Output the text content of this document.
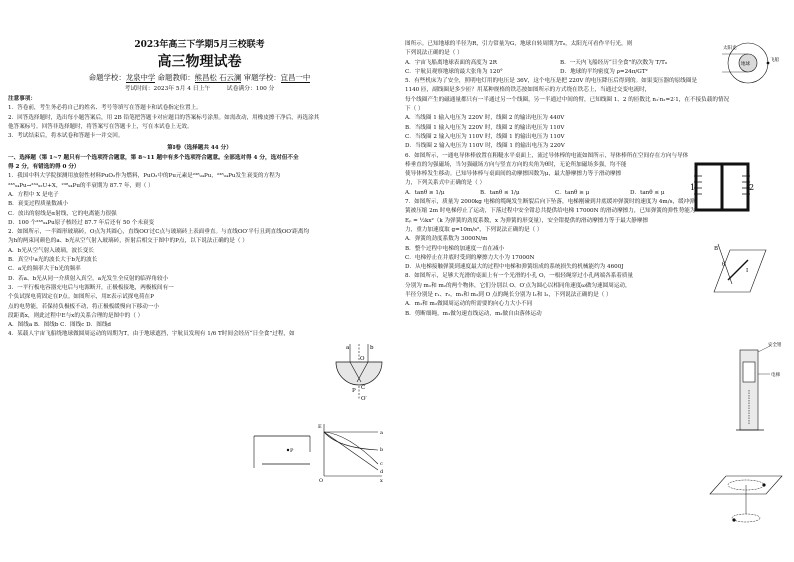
2023年高三下学期5月三校联考
高三物理试卷
命题学校：龙泉中学 命题教师：熊昌松 石云澜 审题学校：宜昌一中
考试时间：2023年 5月 4 日上午	试卷满分：100 分
注意事项：
1．答卷前，考生务必将自己的姓名、考号等填写在答题卡和试卷指定位置上。
2．回答选择题时，选出每小题答案后，用 2B 铅笔把答题卡对应题目的答案标号涂黑。如需改动，用橡皮擦干净后，再选涂其
他答案标号。回答非选择题时，将答案写在答题卡上，写在本试卷上无效。
3．考试结束后，将本试卷和答题卡一并交回。
第Ⅰ卷（选择题共 44 分）
一、选择题（第 1~7 题只有一个选项符合题意，第 8~11 题中有多个选项符合题意。全部选对得 4 分，选对但不全
得 2 分，有错选的得 0 分）
1．我国中科大学院探测用放射性材料PuO₂作为燃料，PuO₂中的Pu元素是²³⁸₉₄Pu，²³⁸₉₄Pu发生衰变的方程为
²³⁸₉₄Pu→²³⁴₉₂U+X，²³⁸₉₄Pu的半衰期为 87.7 年，则（ ）
A．方程中 X 是电子
B．衰变过程质量数减小
C．放出的射线是α射线，它的电离能力很强
D．100 个²³⁸₉₄Pu原子核经过 87.7 年后还有 50 个未衰变
2．如图所示，一半圆形玻璃砖，O点为其圆心，直线OO′过C点与玻璃砖上表面垂直。与直线OO′平行且到直线OO′距离均
为h的两束同颜色的a、b光从空气射入玻璃砖，折射后相交于图中的P点，以下说法正确的是（ ）
A．b光从空气射入玻璃，波长变长
B．真空中a光的波长大于b光的波长
C．a光的频率大于b光的频率
D．若a、b光从同一介质射入真空，a光发生全反射的临界角较小
3．一平行板电容器充电后与电源断开，正极板接地，两极板间有一
个负试探电荷固定在P点。如图所示，用E表示试探电荷在P
点的电势能，若保持负极板不动，将正极板缓慢向下移动一小
段距离x，则此过程中E与x的关系合理的是图中的（ ）
A．图线a B．图线b C．图线c D．图线d
4．某载人宇宙飞船绕地球做圆周运动的周期为T，由于地球遮挡，宇航员发现有 1/6 T时间会经历“日全食”过程，如
a	b
O
P C
O′
P
E
x
O
a
b
c
d
图所示。已知地球的半径为R，引力常量为G，地球自转周期为T₀，太阳光可看作平行光，则
下列说法正确的是（ ）
A．宇宙飞船离地球表面的高度为 2R	B．一天内飞船经历“日全食”的次数为 T/T₀
C．宇航员观察地球的最大张角为 120°	D．地球的平均密度为 ρ=24π/GT²
5．有些机床为了安全，照明电灯用的电压是 36V，这个电压是把 220V 的电压降压后得到的。如果变压器的原线圈是
1140 匝，副线圈是多少匝？用某种规格的铁芯按如图所示的方式绕在铁芯上，当通过交变电流时，
每个线圈产生的磁通量都只有一半通过另一个线圈，另一半通过中间的臂，已知线圈 1、2 的匝数比 n₁∶n₂=2∶1，在不接负载的情况
下（ ）
A．当线圈 1 输入电压为 220V 时，线圈 2 的输出电压为 440V
B．当线圈 1 输入电压为 220V 时，线圈 2 的输出电压为 110V
C．当线圈 2 输入电压为 110V 时，线圈 1 的输出电压为 110V
D．当线圈 2 输入电压为 110V 时，线圈 1 的输出电压为 220V
6．如图所示，一通电导体棒放置在粗糙水平桌面上，流过导体棒的电流如图所示，导体棒所在空间存在方向与导体
棒垂直的匀强磁场，当匀强磁场方向与竖直方向的夹角为θ时，无论所加磁场多强，均不能
使导体棒发生移动。已知导体棒与桌面间的动摩擦因数为μ，最大静摩擦力等于滑动摩擦
力，下列关系式中正确的是（ ）
A．tanθ ≥ 1/μ	B．tanθ ≤ 1/μ	C．tanθ ≥ μ	D．tanθ ≤ μ
7．如图所示，质量为 2000kg 电梯的缆绳发生断裂后向下坠落，电梯刚碰到井底缓冲弹簧时的速度为 4m/s，缓冲弹
簧被压缩 2m 时电梯停止了运动，下落过程中安全钳总共提供给电梯 17000N 的滑动摩擦力，已知弹簧的弹性势能为
Eₚ = ½kx²（k 为弹簧的劲度系数，x 为弹簧的形变量），安全钳提供的滑动摩擦力等于最大静摩擦
力，重力加速度取 g=10m/s²，下列说法正确的是（ ）
A．弹簧的劲度系数为 3000N/m
B．整个过程中电梯的加速度一直在减小
C．电梯停止在井底时受到的摩擦力大小为 17000N
D．从电梯接触弹簧到速度最大的过程中电梯和弹簧组成的系统损失的机械能约为 4600J
8．如图所示，足够大光滑的桌面上有一个光滑的小孔 O，一根轻绳穿过小孔两端各系着质量
分别为 m₁和 m₂的两个物体，它们分别以 O、O′点为圆心以相同角速度ω做匀速圆周运动，
半径分别是 r₁、r₂，m₁和 m₂到 O 点的绳长分别为 l₁和 l₂，下列说法正确的是（ ）
A．m₁和 m₂做圆周运动的所需要的向心力大小不同
B．剪断细绳，m₁做匀速直线运动，m₂做自由落体运动
太阳光
地球
飞船
1	2
B
θ
I
安全钳
电梯
